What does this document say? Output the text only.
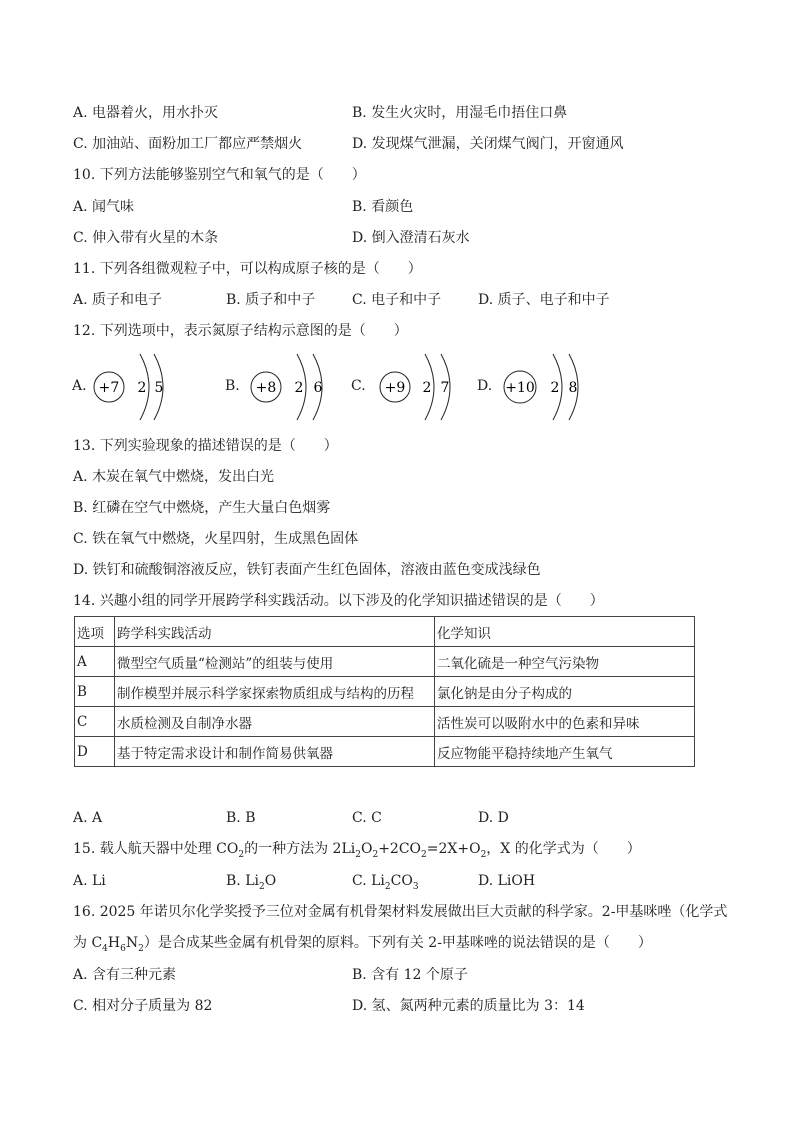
A. 电器着火，用水扑灭	B. 发生火灾时，用湿毛巾捂住口鼻
C. 加油站、面粉加工厂都应严禁烟火	D. 发现煤气泄漏，关闭煤气阀门，开窗通风
10. 下列方法能够鉴别空气和氧气的是（　　）
A. 闻气味	B. 看颜色
C. 伸入带有火星的木条	D. 倒入澄清石灰水
11. 下列各组微观粒子中，可以构成原子核的是（　　）
A. 质子和电子	B. 质子和中子	C. 电子和中子	D. 质子、电子和中子
12. 下列选项中，表示氮原子结构示意图的是（　　）
A. +7 2 5	B. +8 2 6 C. +9 2 7 D. +10 2 8
13. 下列实验现象的描述错误的是（　　）
A. 木炭在氧气中燃烧，发出白光
B. 红磷在空气中燃烧，产生大量白色烟雾
C. 铁在氧气中燃烧，火星四射，生成黑色固体
D. 铁钉和硫酸铜溶液反应，铁钉表面产生红色固体，溶液由蓝色变成浅绿色
14. 兴趣小组的同学开展跨学科实践活动。以下涉及的化学知识描述错误的是（　　）
选项	跨学科实践活动	化学知识
A	微型空气质量“检测站”的组装与使用	二氧化硫是一种空气污染物
B	制作模型并展示科学家探索物质组成与结构的历程	氯化钠是由分子构成的
C	水质检测及自制净水器	活性炭可以吸附水中的色素和异味
D	基于特定需求设计和制作简易供氧器	反应物能平稳持续地产生氧气
A. A	B. B	C. C	D. D
15. 载人航天器中处理 $CO_2$的一种方法为 $2Li_2O_2+2CO_2=2X+O_2$，X 的化学式为（　　）
A. Li	B. $Li_2O$	C. $Li_2CO_3$	D. LiOH
16. 2025 年诺贝尔化学奖授予三位对金属有机骨架材料发展做出巨大贡献的科学家。2-甲基咪唑（化学式
为 $C_4H_6N_2$）是合成某些金属有机骨架的原料。下列有关 2-甲基咪唑的说法错误的是（　　）
A. 含有三种元素	B. 含有 12 个原子
C. 相对分子质量为 82	D. 氢、氮两种元素的质量比为 3：14
